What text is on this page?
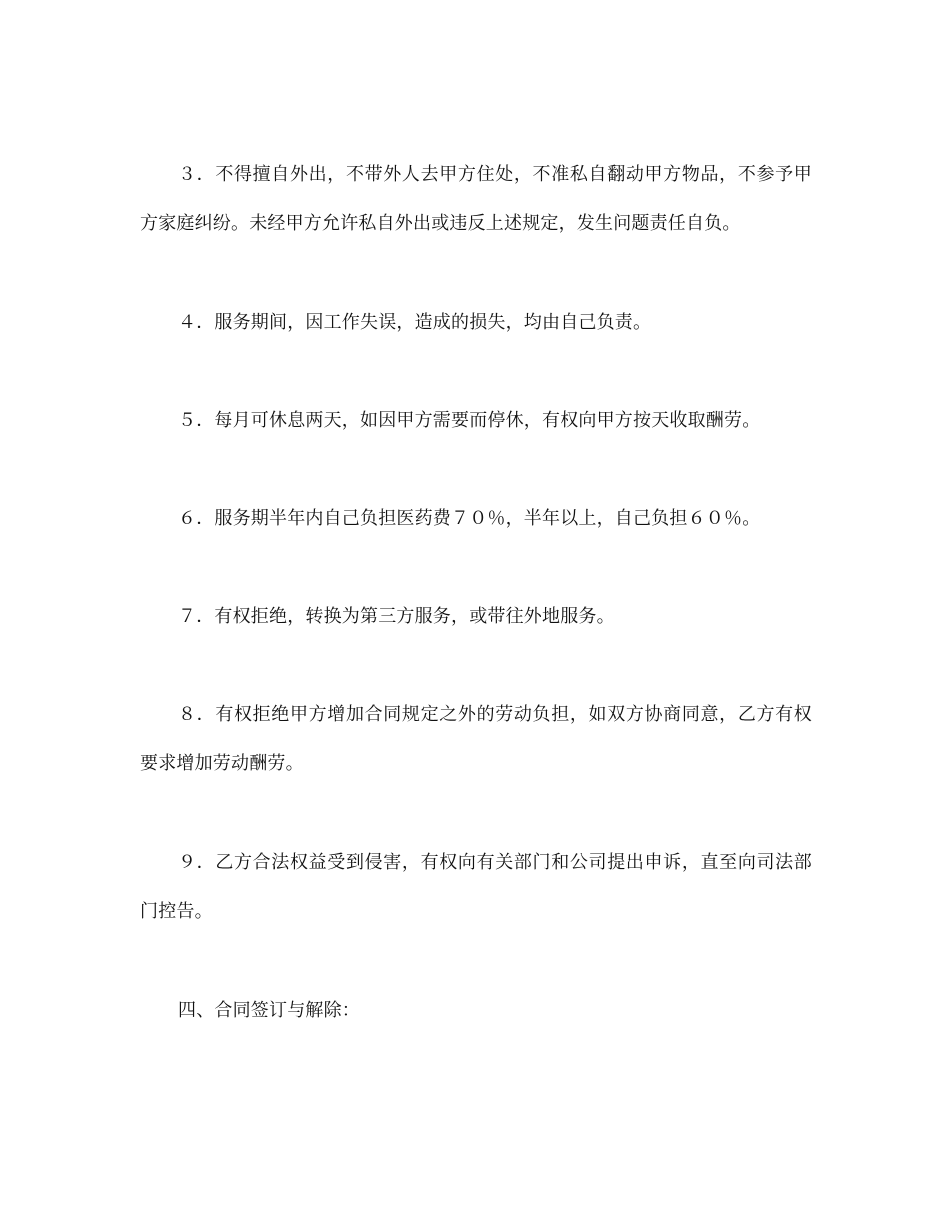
３．不得擅自外出，不带外人去甲方住处，不准私自翻动甲方物品，不参予甲方家庭纠纷。未经甲方允许私自外出或违反上述规定，发生问题责任自负。

４．服务期间，因工作失误，造成的损失，均由自己负责。

５．每月可休息两天，如因甲方需要而停休，有权向甲方按天收取酬劳。

６．服务期半年内自己负担医药费７０％，半年以上，自己负担６０％。

７．有权拒绝，转换为第三方服务，或带往外地服务。

８．有权拒绝甲方增加合同规定之外的劳动负担，如双方协商同意，乙方有权要求增加劳动酬劳。

９．乙方合法权益受到侵害，有权向有关部门和公司提出申诉，直至向司法部门控告。

四、合同签订与解除：
